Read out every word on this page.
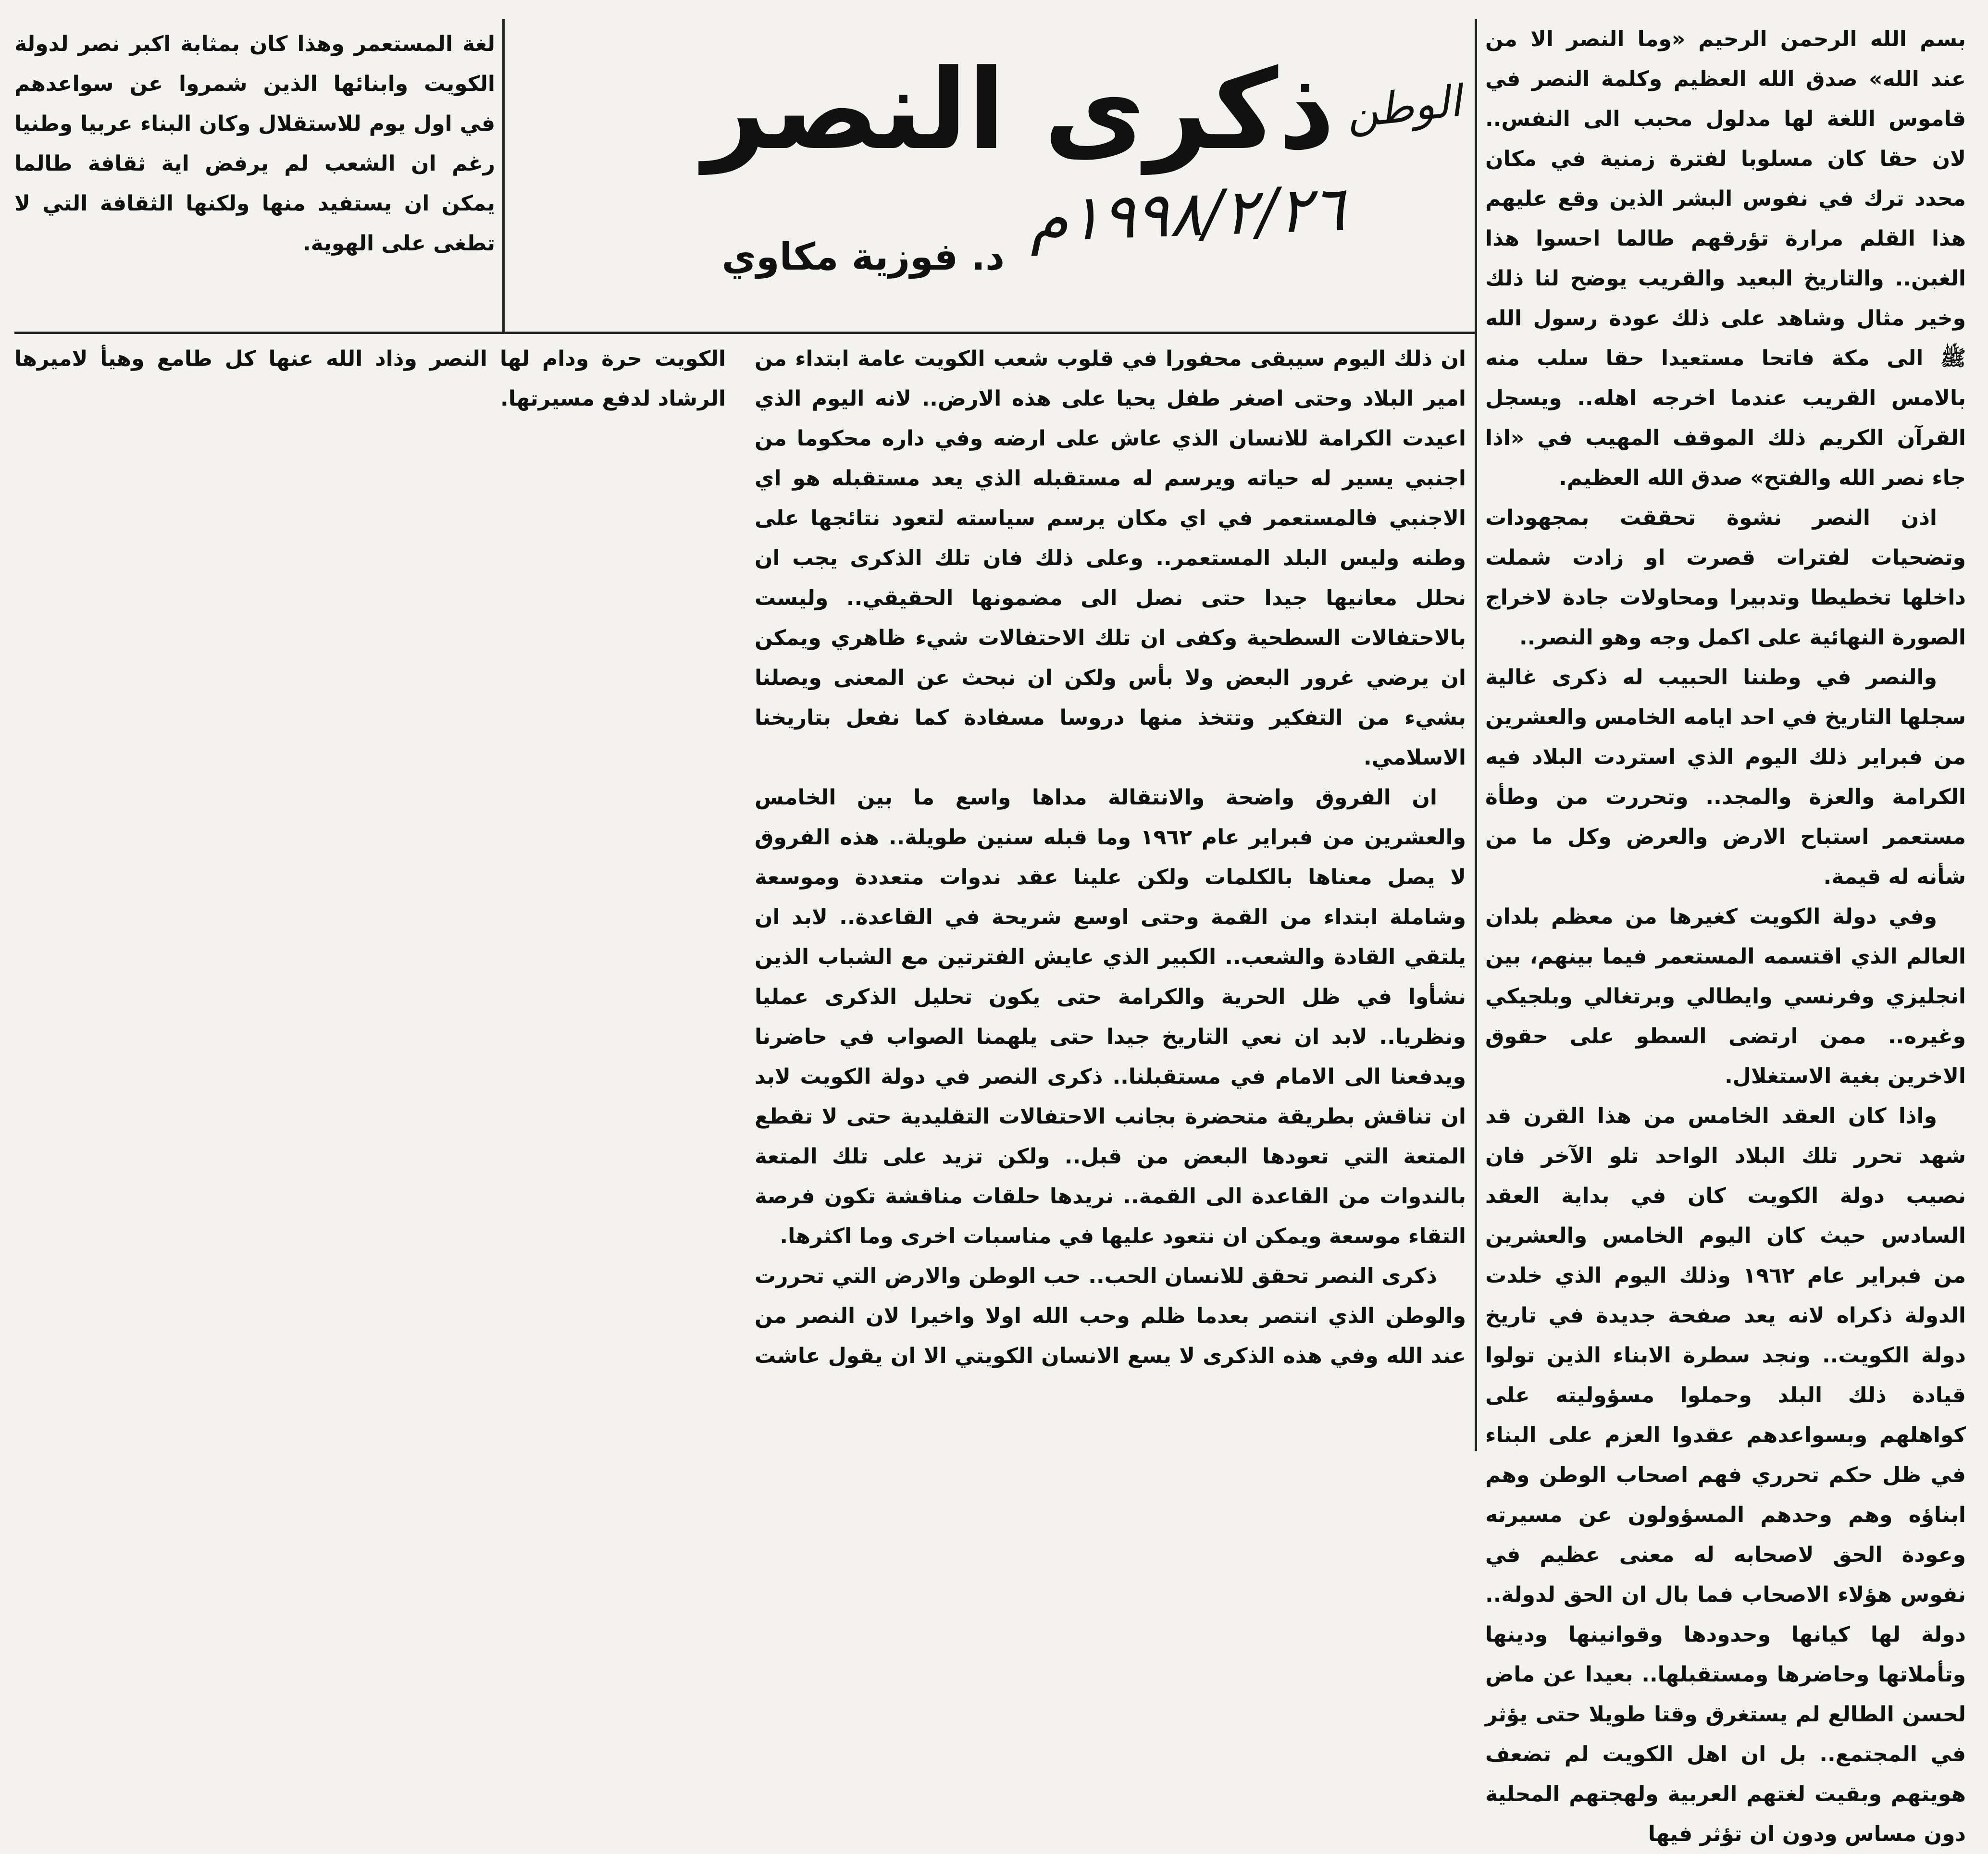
بسم الله الرحمن الرحيم «وما النصر الا من عند الله» صدق الله العظيم وكلمة النصر في قاموس اللغة لها مدلول محبب الى النفس.. لان حقا كان مسلوبا لفترة زمنية في مكان محدد ترك في نفوس البشر الذين وقع عليهم هذا القلم مرارة تؤرقهم طالما احسوا هذا الغبن.. والتاريخ البعيد والقريب يوضح لنا ذلك وخير مثال وشاهد على ذلك عودة رسول الله ﷺ الى مكة فاتحا مستعيدا حقا سلب منه بالامس القريب عندما اخرجه اهله.. ويسجل القرآن الكريم ذلك الموقف المهيب في «اذا جاء نصر الله والفتح» صدق الله العظيم.

اذن النصر نشوة تحققت بمجهودات وتضحيات لفترات قصرت او زادت شملت داخلها تخطيطا وتدبيرا ومحاولات جادة لاخراج الصورة النهائية على اكمل وجه وهو النصر..

والنصر في وطننا الحبيب له ذكرى غالية سجلها التاريخ في احد ايامه الخامس والعشرين من فبراير ذلك اليوم الذي استردت البلاد فيه الكرامة والعزة والمجد.. وتحررت من وطأة مستعمر استباح الارض والعرض وكل ما من شأنه له قيمة.

وفي دولة الكويت كغيرها من معظم بلدان العالم الذي اقتسمه المستعمر فيما بينهم، بين انجليزي وفرنسي وايطالي وبرتغالي وبلجيكي وغيره.. ممن ارتضى السطو على حقوق الاخرين بغية الاستغلال.

واذا كان العقد الخامس من هذا القرن قد شهد تحرر تلك البلاد الواحد تلو الآخر فان نصيب دولة الكويت كان في بداية العقد السادس حيث كان اليوم الخامس والعشرين من فبراير عام ١٩٦٢ وذلك اليوم الذي خلدت الدولة ذكراه لانه يعد صفحة جديدة في تاريخ دولة الكويت.. ونجد سطرة الابناء الذين تولوا قيادة ذلك البلد وحملوا مسؤوليته على كواهلهم وبسواعدهم عقدوا العزم على البناء في ظل حكم تحرري فهم اصحاب الوطن وهم ابناؤه وهم وحدهم المسؤولون عن مسيرته وعودة الحق لاصحابه له معنى عظيم في نفوس هؤلاء الاصحاب فما بال ان الحق لدولة.. دولة لها كيانها وحدودها وقوانينها ودينها وتأملاتها وحاضرها ومستقبلها.. بعيدا عن ماض لحسن الطالع لم يستغرق وقتا طويلا حتى يؤثر في المجتمع.. بل ان اهل الكويت لم تضعف هويتهم وبقيت لغتهم العربية ولهجتهم المحلية دون مساس ودون ان تؤثر فيها

ذكرى النصر الوطن
١٩٩٨/٢/٢٦م
د. فوزية مكاوي

لغة المستعمر وهذا كان بمثابة اكبر نصر لدولة الكويت وابنائها الذين شمروا عن سواعدهم في اول يوم للاستقلال وكان البناء عربيا وطنيا رغم ان الشعب لم يرفض اية ثقافة طالما يمكن ان يستفيد منها ولكنها الثقافة التي لا تطغى على الهوية.

ان ذلك اليوم سيبقى محفورا في قلوب شعب الكويت عامة ابتداء من امير البلاد وحتى اصغر طفل يحيا على هذه الارض.. لانه اليوم الذي اعيدت الكرامة للانسان الذي عاش على ارضه وفي داره محكوما من اجنبي يسير له حياته ويرسم له مستقبله الذي يعد مستقبله هو اي الاجنبي فالمستعمر في اي مكان يرسم سياسته لتعود نتائجها على وطنه وليس البلد المستعمر.. وعلى ذلك فان تلك الذكرى يجب ان نحلل معانيها جيدا حتى نصل الى مضمونها الحقيقي.. وليست بالاحتفالات السطحية وكفى ان تلك الاحتفالات شيء ظاهري ويمكن ان يرضي غرور البعض ولا بأس ولكن ان نبحث عن المعنى ويصلنا بشيء من التفكير وتتخذ منها دروسا مسفادة كما نفعل بتاريخنا الاسلامي.

ان الفروق واضحة والانتقالة مداها واسع ما بين الخامس والعشرين من فبراير عام ١٩٦٢ وما قبله سنين طويلة.. هذه الفروق لا يصل معناها بالكلمات ولكن علينا عقد ندوات متعددة وموسعة وشاملة ابتداء من القمة وحتى اوسع شريحة في القاعدة.. لابد ان يلتقي القادة والشعب.. الكبير الذي عايش الفترتين مع الشباب الذين نشأوا في ظل الحرية والكرامة حتى يكون تحليل الذكرى عمليا ونظريا.. لابد ان نعي التاريخ جيدا حتى يلهمنا الصواب في حاضرنا ويدفعنا الى الامام في مستقبلنا.. ذكرى النصر في دولة الكويت لابد ان تناقش بطريقة متحضرة بجانب الاحتفالات التقليدية حتى لا تقطع المتعة التي تعودها البعض من قبل.. ولكن تزيد على تلك المتعة بالندوات من القاعدة الى القمة.. نريدها حلقات مناقشة تكون فرصة التقاء موسعة ويمكن ان نتعود عليها في مناسبات اخرى وما اكثرها.

ذكرى النصر تحقق للانسان الحب.. حب الوطن والارض التي تحررت والوطن الذي انتصر بعدما ظلم وحب الله اولا واخيرا لان النصر من عند الله وفي هذه الذكرى لا يسع الانسان الكويتي الا ان يقول عاشت الكويت حرة ودام لها النصر وذاد الله عنها كل طامع وهيأ لاميرها الرشاد لدفع مسيرتها.
